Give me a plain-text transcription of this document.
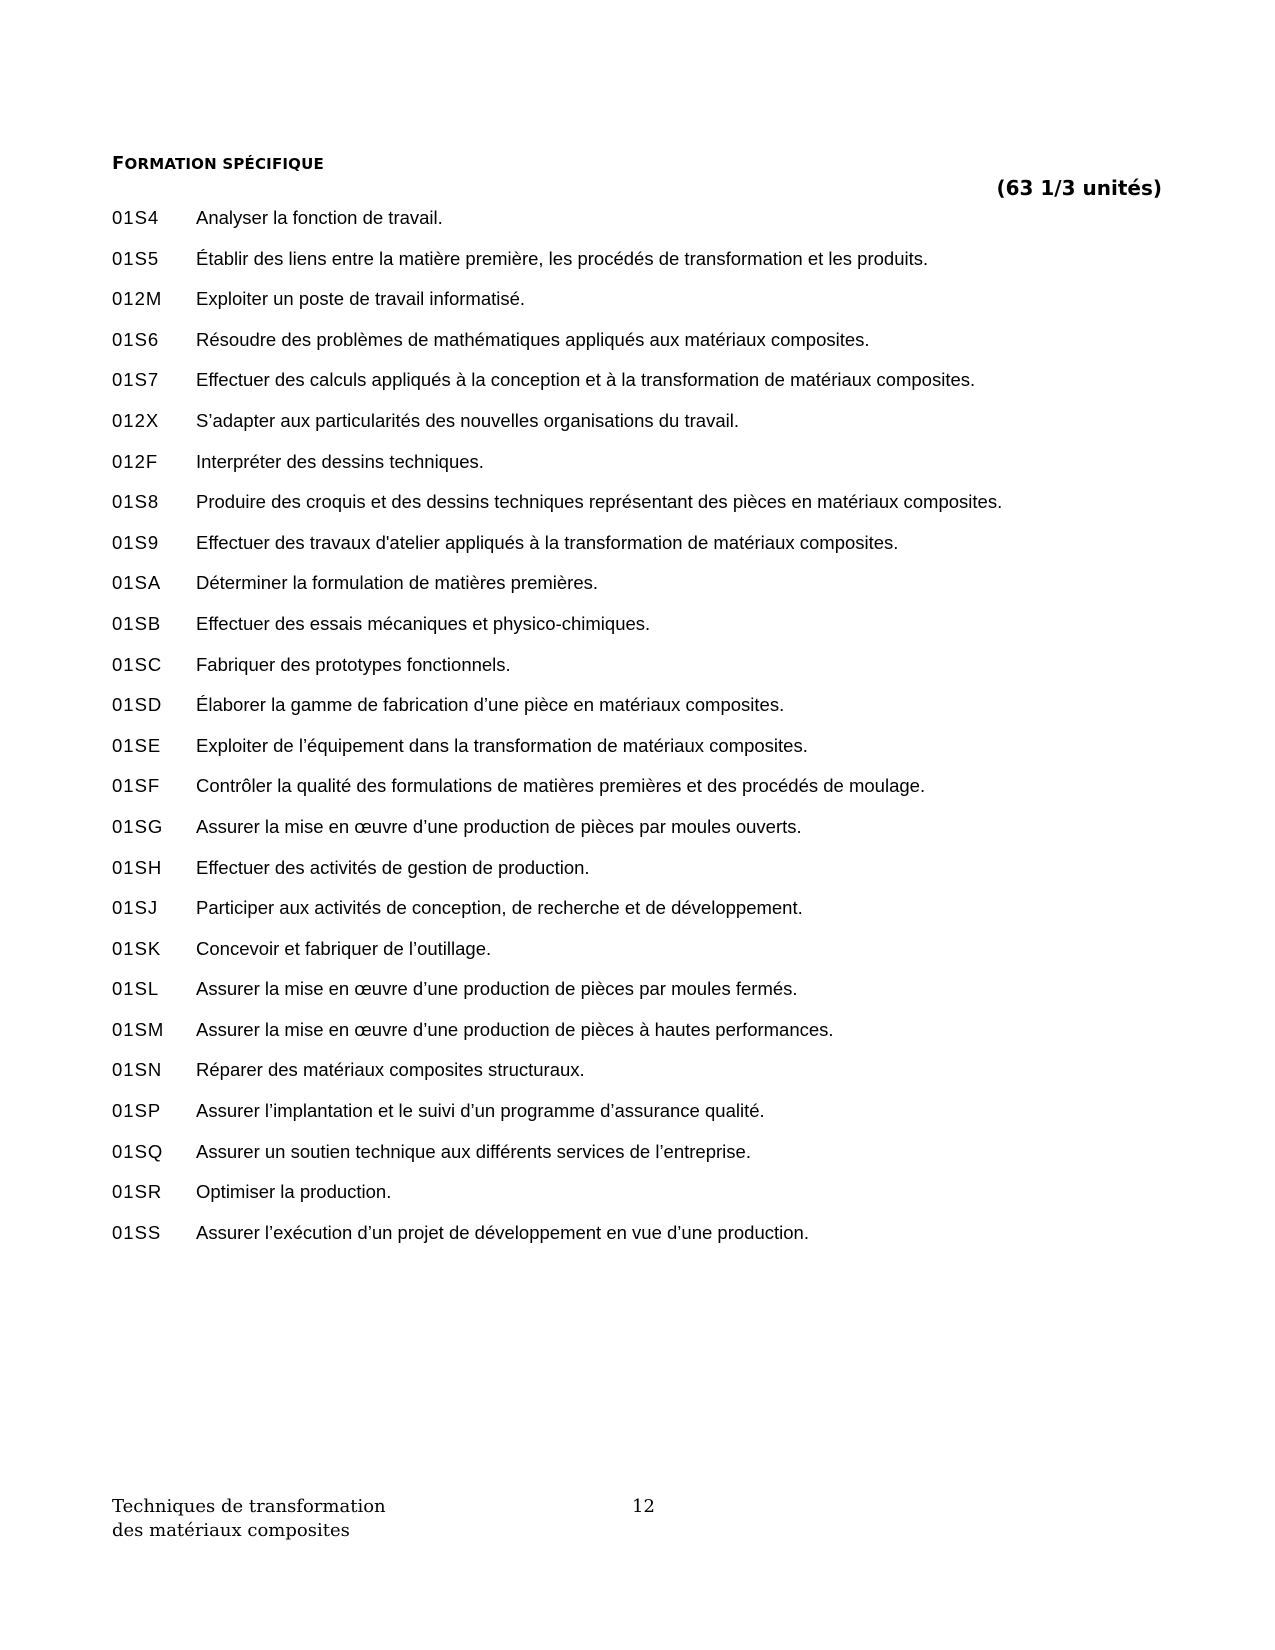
FORMATION SPÉCIFIQUE
(63 1/3 unités)
01S4	Analyser la fonction de travail.
01S5	Établir des liens entre la matière première, les procédés de transformation et les produits.
012M	Exploiter un poste de travail informatisé.
01S6	Résoudre des problèmes de mathématiques appliqués aux matériaux composites.
01S7	Effectuer des calculs appliqués à la conception et à la transformation de matériaux composites.
012X	S’adapter aux particularités des nouvelles organisations du travail.
012F	Interpréter des dessins techniques.
01S8	Produire des croquis et des dessins techniques représentant des pièces en matériaux composites.
01S9	Effectuer des travaux d'atelier appliqués à la transformation de matériaux composites.
01SA	Déterminer la formulation de matières premières.
01SB	Effectuer des essais mécaniques et physico-chimiques.
01SC	Fabriquer des prototypes fonctionnels.
01SD	Élaborer la gamme de fabrication d’une pièce en matériaux composites.
01SE	Exploiter de l’équipement dans la transformation de matériaux composites.
01SF	Contrôler la qualité des formulations de matières premières et des procédés de moulage.
01SG	Assurer la mise en œuvre d’une production de pièces par moules ouverts.
01SH	Effectuer des activités de gestion de production.
01SJ	Participer aux activités de conception, de recherche et de développement.
01SK	Concevoir et fabriquer de l’outillage.
01SL	Assurer la mise en œuvre d’une production de pièces par moules fermés.
01SM	Assurer la mise en œuvre d’une production de pièces à hautes performances.
01SN	Réparer des matériaux composites structuraux.
01SP	Assurer l’implantation et le suivi d’un programme d’assurance qualité.
01SQ	Assurer un soutien technique aux différents services de l’entreprise.
01SR	Optimiser la production.
01SS	Assurer l’exécution d’un projet de développement en vue d’une production.
Techniques de transformation
des matériaux composites
12
